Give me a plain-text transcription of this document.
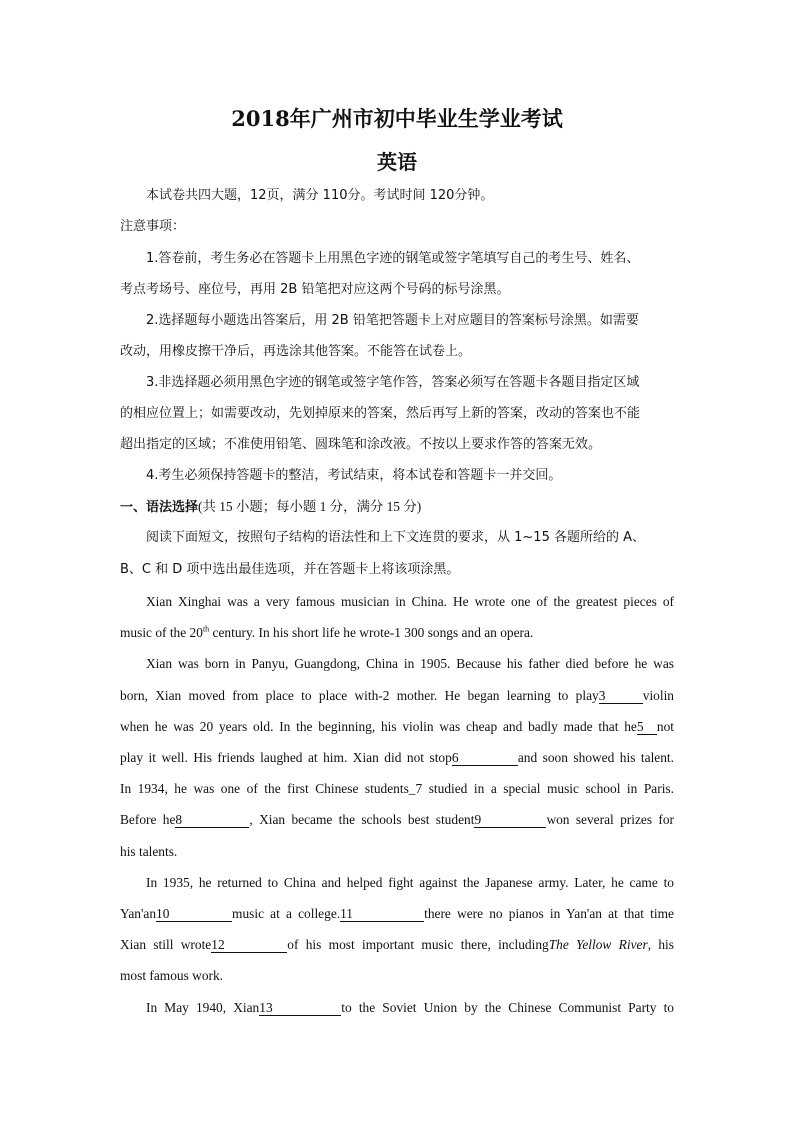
2018年广州市初中毕业生学业考试
英语
本试卷共四大题，12页，满分 110分。考试时间 120分钟。
注意事项：
1.答卷前，考生务必在答题卡上用黑色字迹的钢笔或签字笔填写自己的考生号、姓名、
考点考场号、座位号，再用 2B 铅笔把对应这两个号码的标号涂黑。
2.选择题每小题选出答案后，用 2B 铅笔把答题卡上对应题目的答案标号涂黑。如需要
改动，用橡皮擦干净后，再选涂其他答案。不能答在试卷上。
3.非选择题必须用黑色字迹的钢笔或签字笔作答，答案必须写在答题卡各题目指定区域
的相应位置上；如需要改动，先划掉原来的答案，然后再写上新的答案，改动的答案也不能
超出指定的区域；不准使用铅笔、圆珠笔和涂改液。不按以上要求作答的答案无效。
4.考生必须保持答题卡的整洁，考试结束，将本试卷和答题卡一并交回。
一、语法选择(共 15 小题；每小题 1 分，满分 15 分)
阅读下面短文，按照句子结构的语法性和上下文连贯的要求，从 1~15 各题所给的 A、
B、C 和 D 项中选出最佳选项，并在答题卡上将该项涂黑。
Xian Xinghai was a very famous musician in China. He wrote one of the greatest pieces of
music of the 20th century. In his short life he wrote-1 300 songs and an opera.
Xian was born in Panyu, Guangdong, China in 1905. Because his father died before he was
born, Xian moved from place to place with-2 mother. He began learning to play3	violin
when he was 20 years old. In the beginning, his violin was cheap and badly made that he5 not
play it well. His friends laughed at him. Xian did not stop6	and soon showed his talent.
In 1934, he was one of the first Chinese students_7 studied in a special music school in Paris.
Before he8	, Xian became the schools best student9	won several prizes for
his talents.
In 1935, he returned to China and helped fight against the Japanese army. Later, he came to
Yan'an10	music at a college.11	there were no pianos in Yan'an at that time
Xian still wrote12	of his most important music there, includingThe Yellow River, his
most famous work.
In May 1940, Xian13	to the Soviet Union by the Chinese Communist Party to
